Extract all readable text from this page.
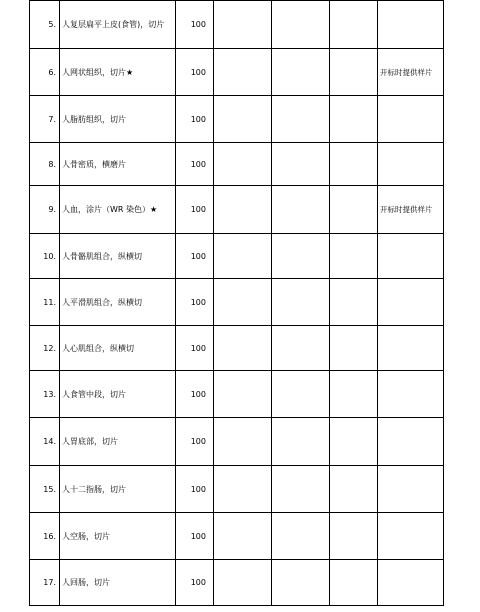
5.	人复层扁平上皮(食管)，切片	100				
6.	人网状组织，切片★	100				开标时提供样片
7.	人脂肪组织，切片	100				
8.	人骨密质，横磨片	100				
9.	人血，涂片（WR 染色）★	100				开标时提供样片
10.	人骨骼肌组合，纵横切	100				
11.	人平滑肌组合，纵横切	100				
12.	人心肌组合，纵横切	100				
13.	人食管中段，切片	100				
14.	人胃底部，切片	100				
15.	人十二指肠，切片	100				
16.	人空肠，切片	100				
17.	人回肠，切片	100				
